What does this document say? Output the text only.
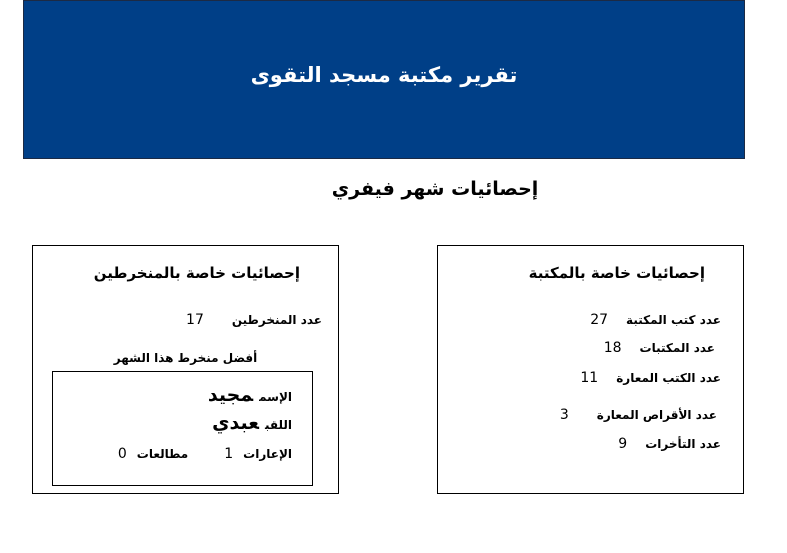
تقرير مكتبة مسجد التقوى
إحصائيات شهر فيفري
إحصائيات خاصة بالمكتبة
عدد كتب المكتبة27
عدد المكتبات18
عدد الكتب المعارة11
عدد الأقراص المعارة3
عدد التأخرات9
إحصائيات خاصة بالمنخرطين
عدد المنخرطين17
أفضل منخرط هذا الشهر
الإسممجيد
اللقبعبدي
الإعارات1مطالعات0
